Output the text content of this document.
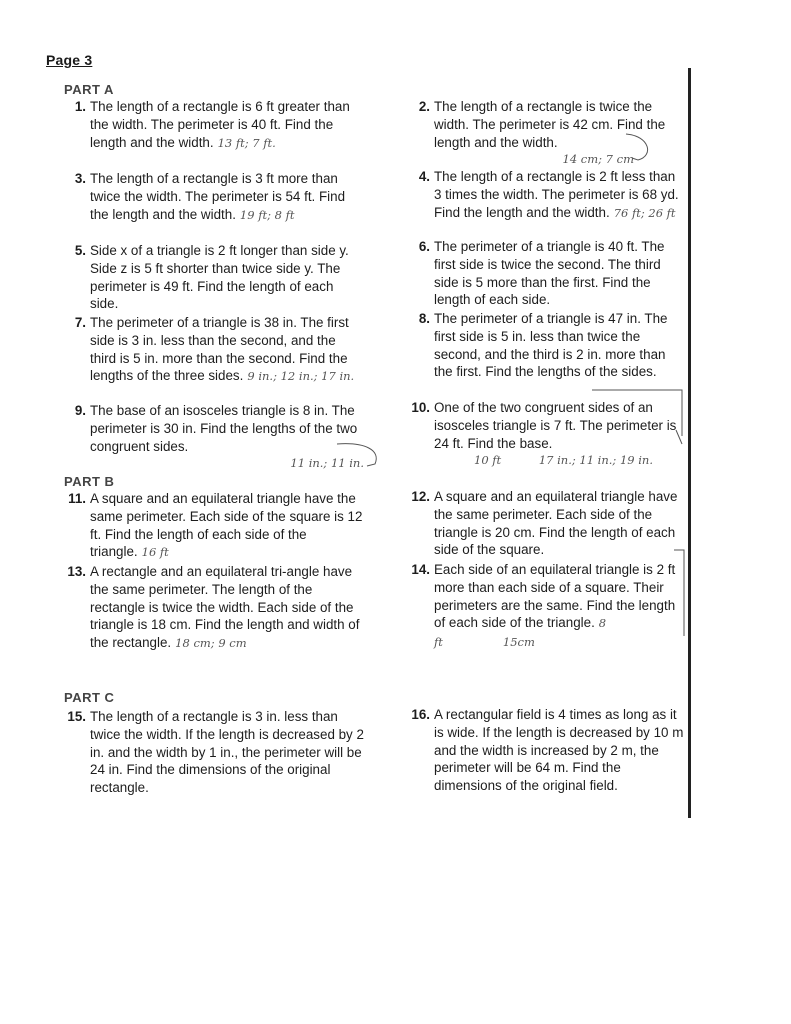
Page 3
PART A
PART B
PART C
1. The length of a rectangle is 6 ft greater than the width. The perimeter is 40 ft. Find the length and the width. 13 ft; 7 ft.
3. The length of a rectangle is 3 ft more than twice the width. The perimeter is 54 ft. Find the length and the width. 19 ft; 8 ft
5. Side x of a triangle is 2 ft longer than side y. Side z is 5 ft shorter than twice side y. The perimeter is 49 ft. Find the length of each side.
7. The perimeter of a triangle is 38 in. The first side is 3 in. less than the second, and the third is 5 in. more than the second. Find the lengths of the three sides. 9 in.; 12 in.; 17 in.
9. The base of an isosceles triangle is 8 in. The perimeter is 30 in. Find the lengths of the two congruent sides.
11 in.; 11 in.
11. A square and an equilateral triangle have the same perimeter. Each side of the square is 12 ft. Find the length of each side of the triangle. 16 ft
13. A rectangle and an equilateral tri-angle have the same perimeter. The length of the rectangle is twice the width. Each side of the triangle is 18 cm. Find the length and width of the rectangle. 18 cm; 9 cm
15. The length of a rectangle is 3 in. less than twice the width. If the length is decreased by 2 in. and the width by 1 in., the perimeter will be 24 in. Find the dimensions of the original rectangle.
2. The length of a rectangle is twice the width. The perimeter is 42 cm. Find the length and the width.
14 cm; 7 cm
4. The length of a rectangle is 2 ft less than 3 times the width. The perimeter is 68 yd. Find the length and the width. 76 ft; 26 ft
6. The perimeter of a triangle is 40 ft. The first side is twice the second. The third side is 5 more than the first. Find the length of each side.
8. The perimeter of a triangle is 47 in. The first side is 5 in. less than twice the second, and the third is 2 in. more than the first. Find the lengths of the sides.
10. One of the two congruent sides of an isosceles triangle is 7 ft. The perimeter is 24 ft. Find the base.
10 ft	17 in.; 11 in.; 19 in.
12. A square and an equilateral triangle have the same perimeter. Each side of the triangle is 20 cm. Find the length of each side of the square.
14. Each side of an equilateral triangle is 2 ft more than each side of a square. Their perimeters are the same. Find the length of each side of the triangle. 8 ft	15cm
16. A rectangular field is 4 times as long as it is wide. If the length is decreased by 10 m and the width is increased by 2 m, the perimeter will be 64 m. Find the dimensions of the original field.
